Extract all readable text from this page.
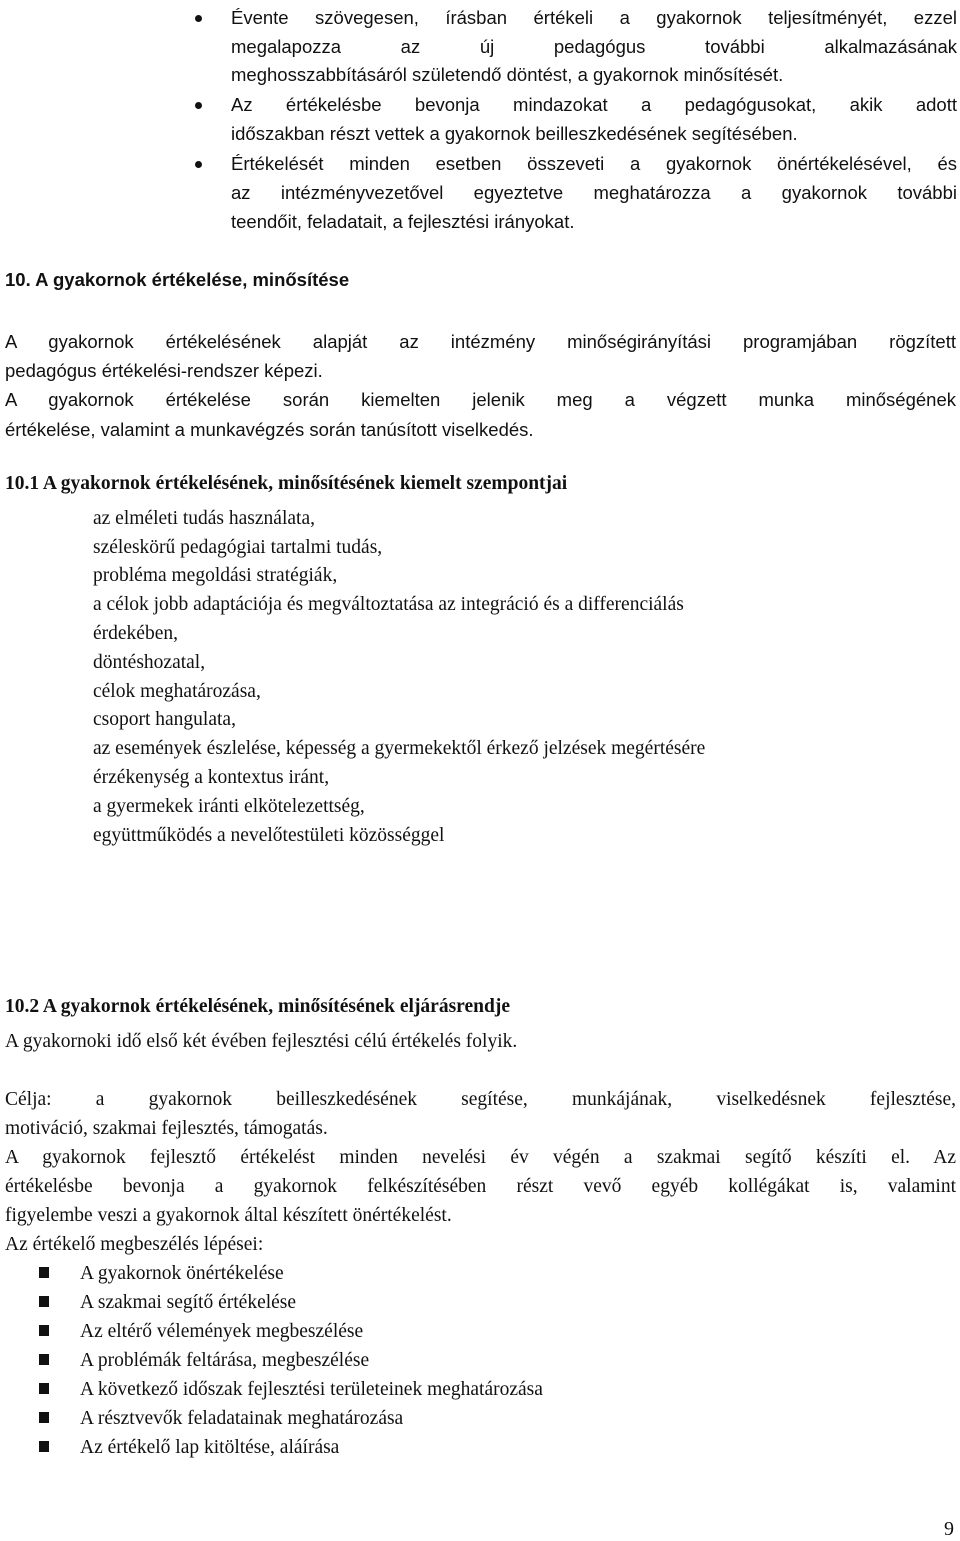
Évente szövegesen, írásban értékeli a gyakornok teljesítményét, ezzel
megalapozza az új pedagógus további alkalmazásának
meghosszabbításáról születendő döntést, a gyakornok minősítését.
Az értékelésbe bevonja mindazokat a pedagógusokat, akik adott
időszakban részt vettek a gyakornok beilleszkedésének segítésében.
Értékelését minden esetben összeveti a gyakornok önértékelésével, és
az intézményvezetővel egyeztetve meghatározza a gyakornok további
teendőit, feladatait, a fejlesztési irányokat.
10. A gyakornok értékelése, minősítése
A gyakornok értékelésének alapját az intézmény minőségirányítási programjában rögzített
pedagógus értékelési-rendszer képezi.
A gyakornok értékelése során kiemelten jelenik meg a végzett munka minőségének
értékelése, valamint a munkavégzés során tanúsított viselkedés.
10.1 A gyakornok értékelésének, minősítésének kiemelt szempontjai
az elméleti tudás használata,
széleskörű pedagógiai tartalmi tudás,
probléma megoldási stratégiák,
a célok jobb adaptációja és megváltoztatása az integráció és a differenciálás
érdekében,
döntéshozatal,
célok meghatározása,
csoport hangulata,
az események észlelése, képesség a gyermekektől érkező jelzések megértésére
érzékenység a kontextus iránt,
a gyermekek iránti elkötelezettség,
együttműködés a nevelőtestületi közösséggel
10.2 A gyakornok értékelésének, minősítésének eljárásrendje
A gyakornoki idő első két évében fejlesztési célú értékelés folyik.
Célja: a gyakornok beilleszkedésének segítése, munkájának, viselkedésnek fejlesztése,
motiváció, szakmai fejlesztés, támogatás.
A gyakornok fejlesztő értékelést minden nevelési év végén a szakmai segítő készíti el. Az
értékelésbe bevonja a gyakornok felkészítésében részt vevő egyéb kollégákat is, valamint
figyelembe veszi a gyakornok által készített önértékelést.
Az értékelő megbeszélés lépései:
A gyakornok önértékelése
A szakmai segítő értékelése
Az eltérő vélemények megbeszélése
A problémák feltárása, megbeszélése
A következő időszak fejlesztési területeinek meghatározása
A résztvevők feladatainak meghatározása
Az értékelő lap kitöltése, aláírása
9
